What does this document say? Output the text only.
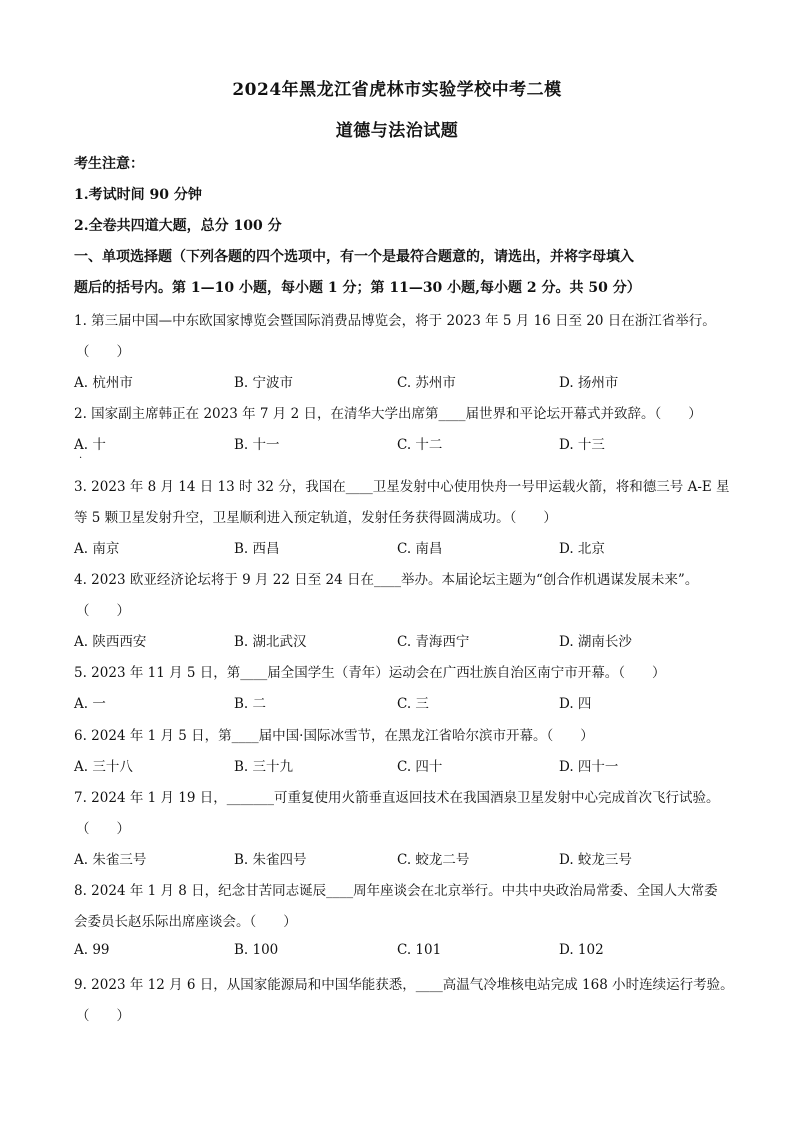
2024年黑龙江省虎林市实验学校中考二模
道德与法治试题
考生注意：
1.考试时间 90 分钟
2.全卷共四道大题，总分 100 分
一、单项选择题（下列各题的四个选项中，有一个是最符合题意的，请选出，并将字母填入
题后的括号内。第 1—10 小题，每小题 1 分；第 11—30 小题,每小题 2 分。共 50 分）
1. 第三届中国—中东欧国家博览会暨国际消费品博览会，将于 2023 年 5 月 16 日至 20 日在浙江省举行。
（　　）
A. 杭州市	B. 宁波市	C. 苏州市	D. 扬州市
2. 国家副主席韩正在 2023 年 7 月 2 日，在清华大学出席第____届世界和平论坛开幕式并致辞。（　　）
A. 十	B. 十一	C. 十二	D. 十三
.
3. 2023 年 8 月 14 日 13 时 32 分，我国在____卫星发射中心使用快舟一号甲运载火箭，将和德三号 A-E 星
等 5 颗卫星发射升空，卫星顺利进入预定轨道，发射任务获得圆满成功。（　　）
A. 南京	B. 西昌	C. 南昌	D. 北京
4. 2023 欧亚经济论坛将于 9 月 22 日至 24 日在____举办。本届论坛主题为“创合作机遇谋发展未来”。
（　　）
A. 陕西西安	B. 湖北武汉	C. 青海西宁	D. 湖南长沙
5. 2023 年 11 月 5 日，第____届全国学生（青年）运动会在广西壮族自治区南宁市开幕。（　　）
A. 一	B. 二	C. 三	D. 四
6. 2024 年 1 月 5 日，第____届中国·国际冰雪节，在黑龙江省哈尔滨市开幕。（　　）
A. 三十八	B. 三十九	C. 四十	D. 四十一
7. 2024 年 1 月 19 日，_______可重复使用火箭垂直返回技术在我国酒泉卫星发射中心完成首次飞行试验。
（　　）
A. 朱雀三号	B. 朱雀四号	C. 蛟龙二号	D. 蛟龙三号
8. 2024 年 1 月 8 日，纪念甘苦同志诞辰____周年座谈会在北京举行。中共中央政治局常委、全国人大常委
会委员长赵乐际出席座谈会。（　　）
A. 99	B. 100	C. 101	D. 102
9. 2023 年 12 月 6 日，从国家能源局和中国华能获悉，____高温气冷堆核电站完成 168 小时连续运行考验。
（　　）
